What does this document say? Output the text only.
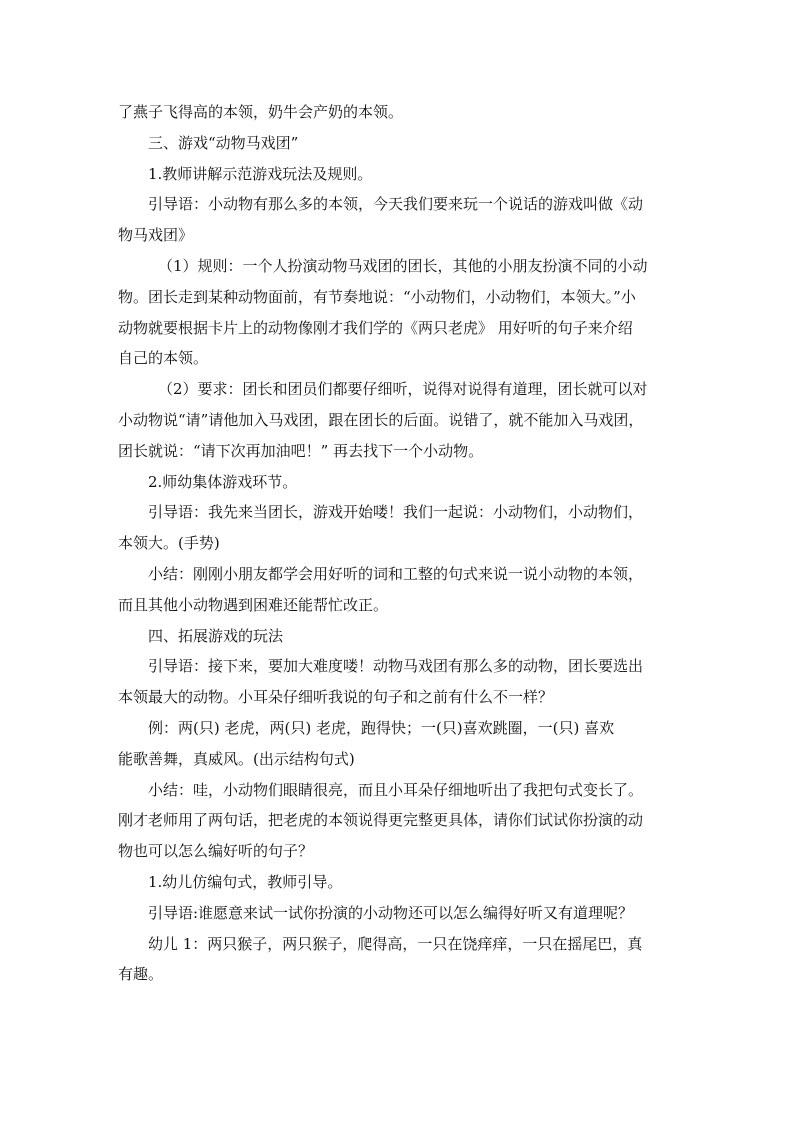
了燕子飞得高的本领，奶牛会产奶的本领。
三、游戏“动物马戏团”
1.教师讲解示范游戏玩法及规则。
引导语：小动物有那么多的本领，今天我们要来玩一个说话的游戏叫做《动
物马戏团》
（1）规则：一个人扮演动物马戏团的团长，其他的小朋友扮演不同的小动
物。团长走到某种动物面前，有节奏地说：“小动物们，小动物们，本领大。”小
动物就要根据卡片上的动物像刚才我们学的《两只老虎》 用好听的句子来介绍
自己的本领。
（2）要求：团长和团员们都要仔细听，说得对说得有道理，团长就可以对
小动物说“请”请他加入马戏团，跟在团长的后面。说错了，就不能加入马戏团，
团长就说：“请下次再加油吧！” 再去找下一个小动物。
2.师幼集体游戏环节。
引导语：我先来当团长，游戏开始喽！我们一起说：小动物们，小动物们，
本领大。(手势)
小结：刚刚小朋友都学会用好听的词和工整的句式来说一说小动物的本领，
而且其他小动物遇到困难还能帮忙改正。
四、拓展游戏的玩法
引导语：接下来，要加大难度喽！动物马戏团有那么多的动物，团长要选出
本领最大的动物。小耳朵仔细听我说的句子和之前有什么不一样？
例：两(只) 老虎，两(只) 老虎，跑得快；一(只)喜欢跳圈，一(只) 喜欢
能歌善舞，真威风。(出示结构句式)
小结：哇，小动物们眼睛很亮，而且小耳朵仔细地听出了我把句式变长了。
刚才老师用了两句话，把老虎的本领说得更完整更具体，请你们试试你扮演的动
物也可以怎么编好听的句子？
1.幼儿仿编句式，教师引导。
引导语:谁愿意来试一试你扮演的小动物还可以怎么编得好听又有道理呢？
幼儿 1：两只猴子，两只猴子，爬得高，一只在饶痒痒，一只在摇尾巴，真
有趣。
